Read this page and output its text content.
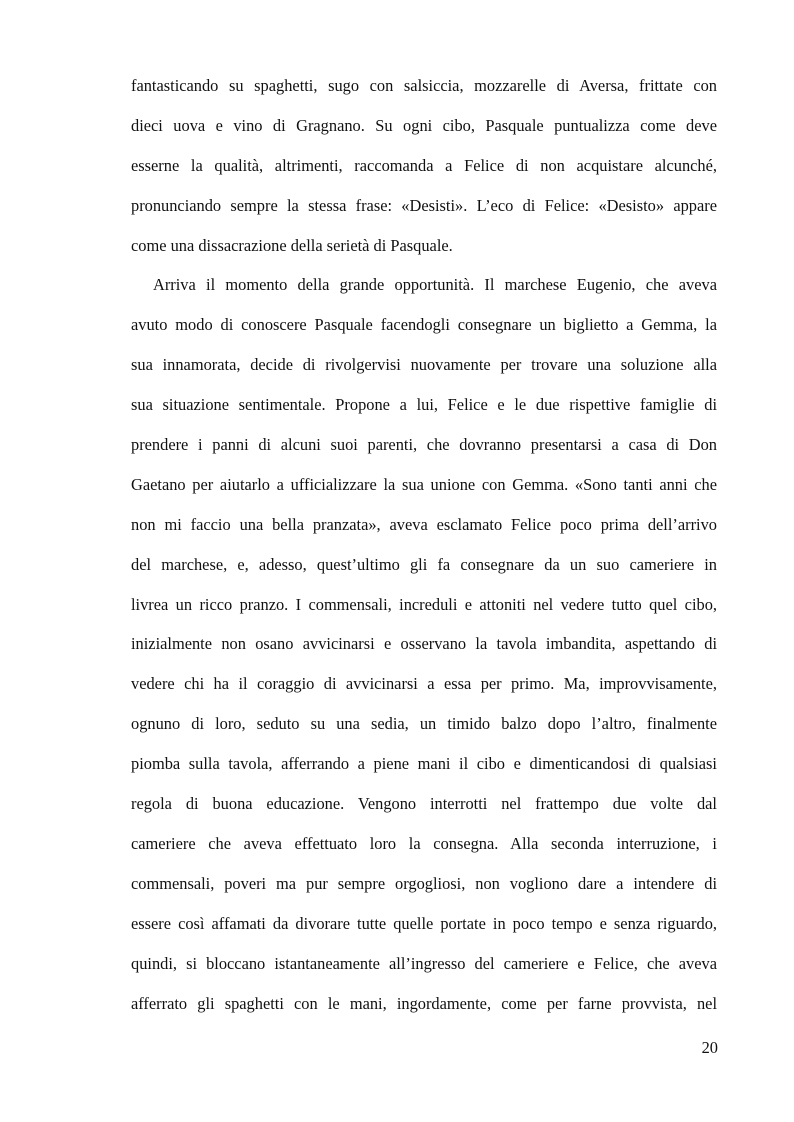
fantasticando su spaghetti, sugo con salsiccia, mozzarelle di Aversa, frittate con
dieci uova e vino di Gragnano. Su ogni cibo, Pasquale puntualizza come deve
esserne la qualità, altrimenti, raccomanda a Felice di non acquistare alcunché,
pronunciando sempre la stessa frase: «Desisti». L’eco di Felice: «Desisto» appare
come una dissacrazione della serietà di Pasquale.
Arriva il momento della grande opportunità. Il marchese Eugenio, che aveva
avuto modo di conoscere Pasquale facendogli consegnare un biglietto a Gemma, la
sua innamorata, decide di rivolgervisi nuovamente per trovare una soluzione alla
sua situazione sentimentale. Propone a lui, Felice e le due rispettive famiglie di
prendere i panni di alcuni suoi parenti, che dovranno presentarsi a casa di Don
Gaetano per aiutarlo a ufficializzare la sua unione con Gemma. «Sono tanti anni che
non mi faccio una bella pranzata», aveva esclamato Felice poco prima dell’arrivo
del marchese, e, adesso, quest’ultimo gli fa consegnare da un suo cameriere in
livrea un ricco pranzo. I commensali, increduli e attoniti nel vedere tutto quel cibo,
inizialmente non osano avvicinarsi e osservano la tavola imbandita, aspettando di
vedere chi ha il coraggio di avvicinarsi a essa per primo. Ma, improvvisamente,
ognuno di loro, seduto su una sedia, un timido balzo dopo l’altro, finalmente
piomba sulla tavola, afferrando a piene mani il cibo e dimenticandosi di qualsiasi
regola di buona educazione. Vengono interrotti nel frattempo due volte dal
cameriere che aveva effettuato loro la consegna. Alla seconda interruzione, i
commensali, poveri ma pur sempre orgogliosi, non vogliono dare a intendere di
essere così affamati da divorare tutte quelle portate in poco tempo e senza riguardo,
quindi, si bloccano istantaneamente all’ingresso del cameriere e Felice, che aveva
afferrato gli spaghetti con le mani, ingordamente, come per farne provvista, nel
20
